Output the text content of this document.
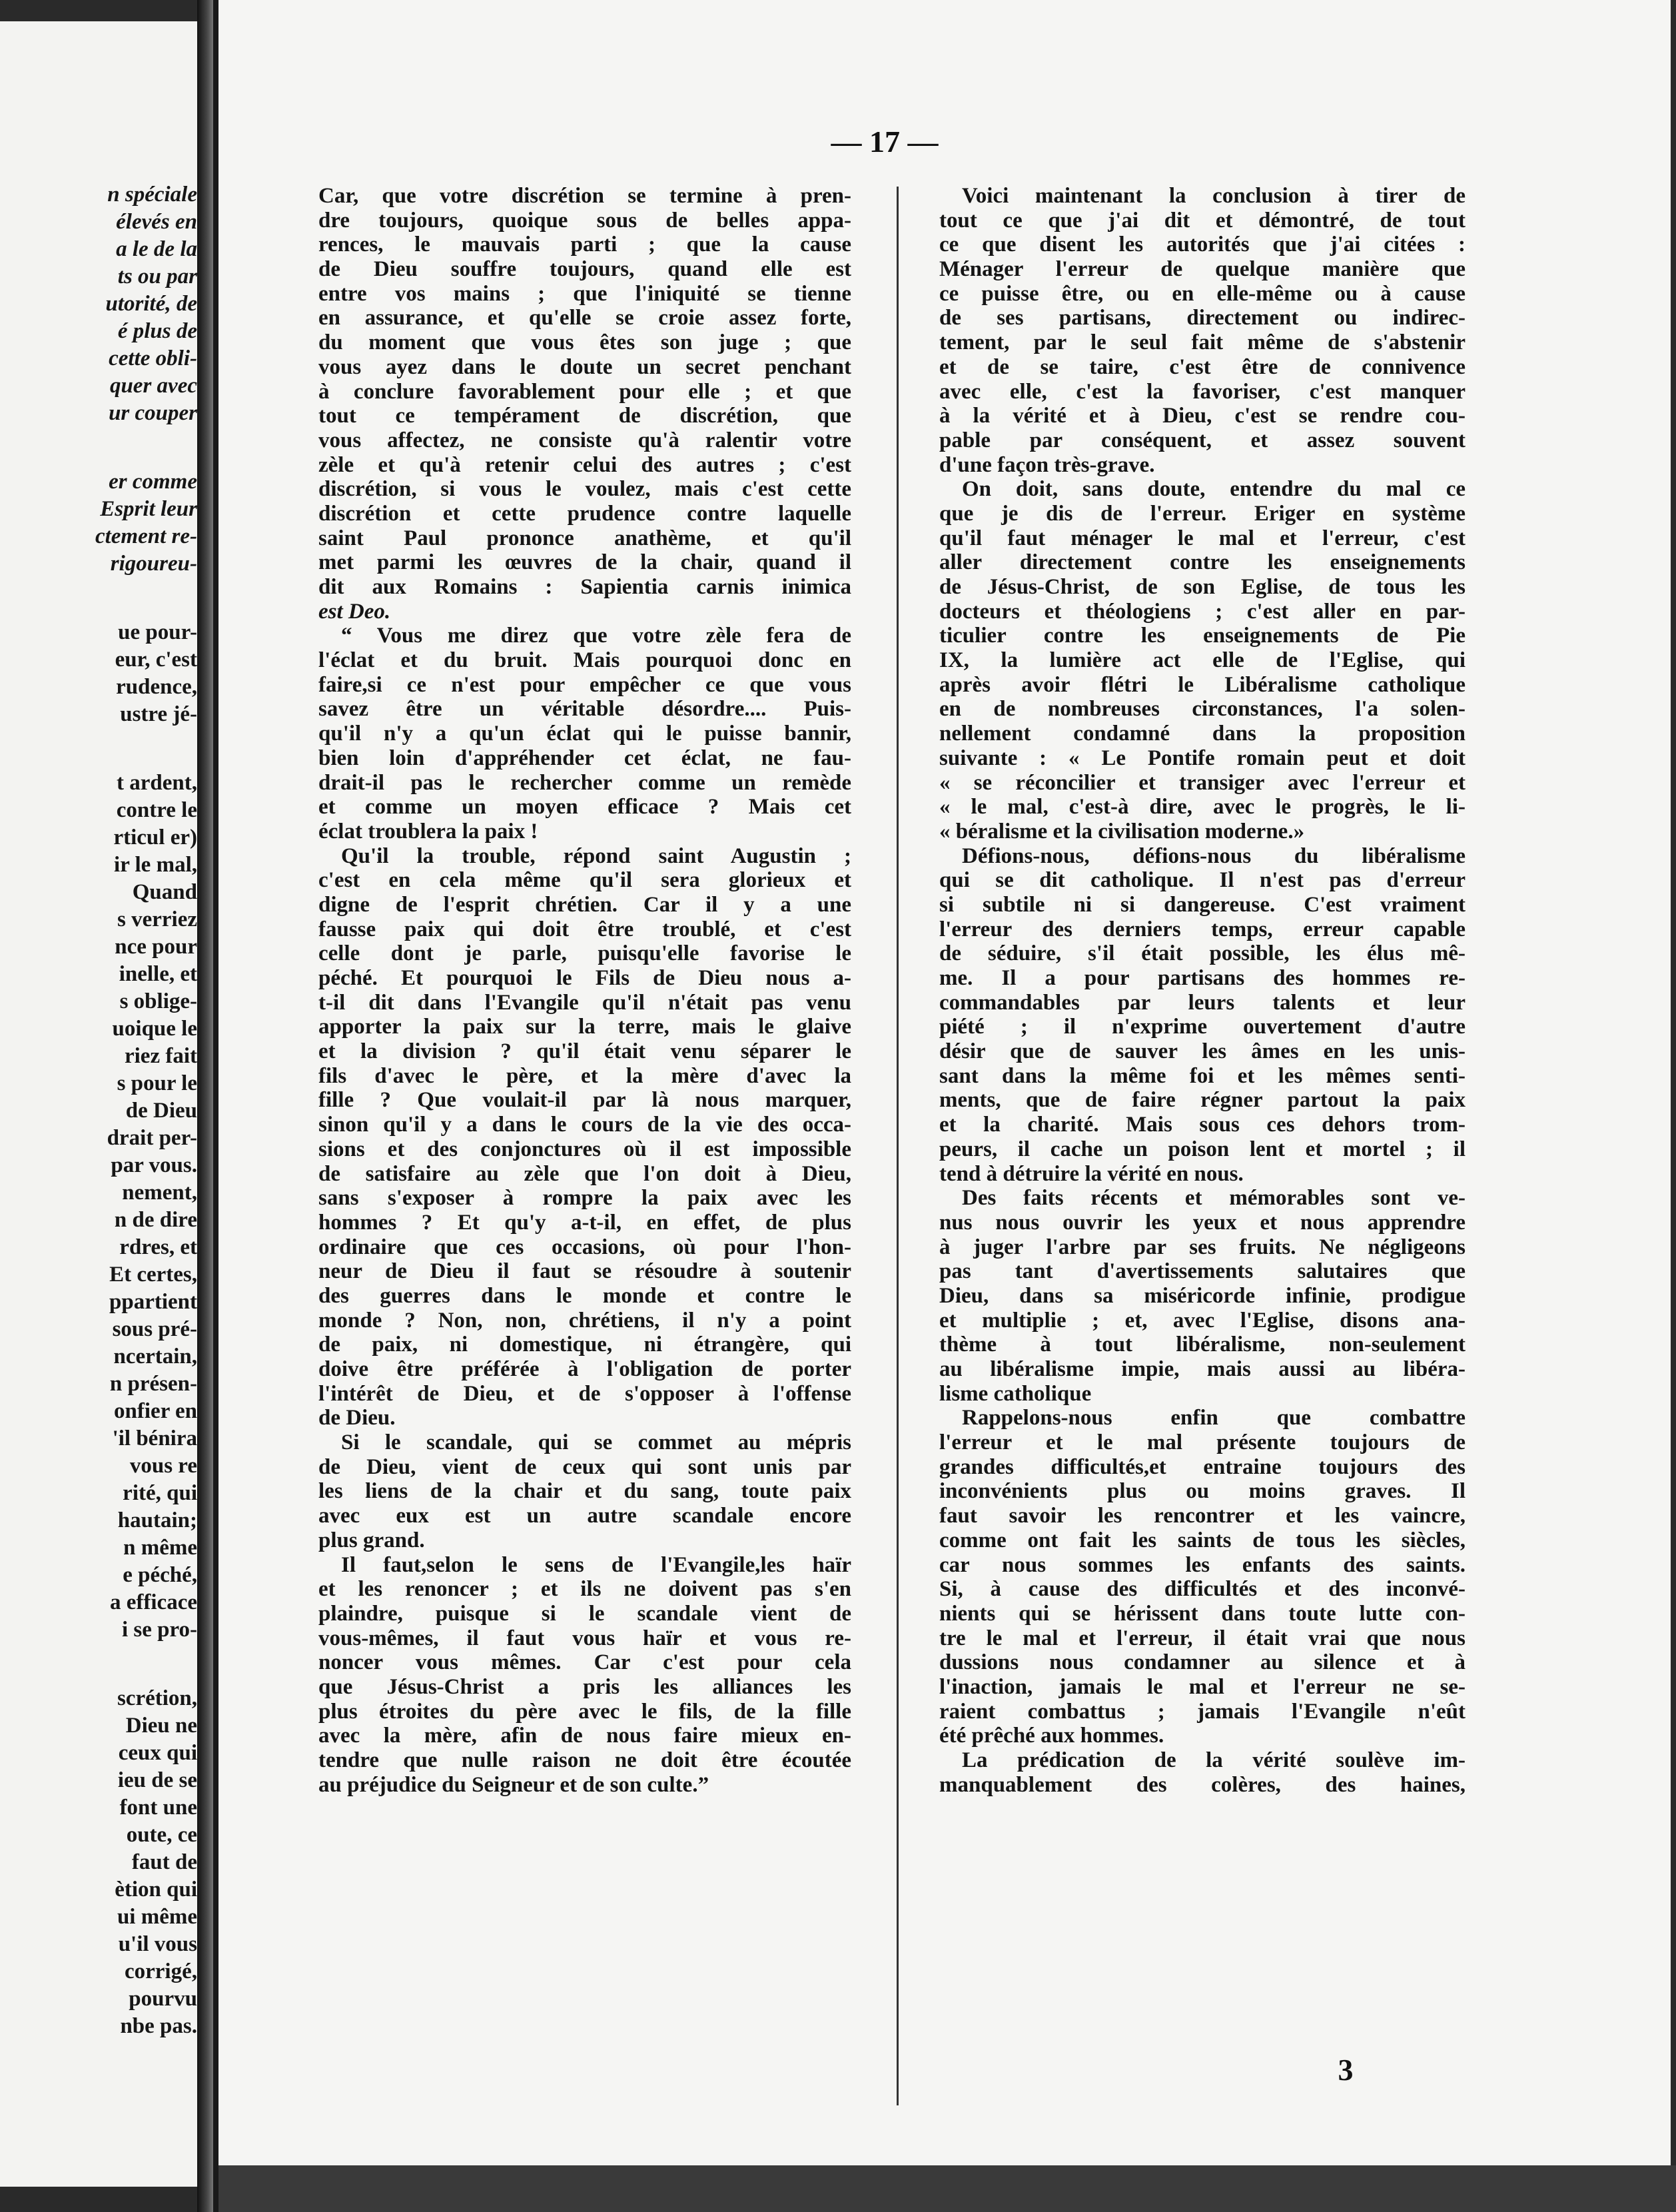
n spéciale
élevés en
a le de la
ts ou par
utorité, de
é plus de
cette obli-
quer avec
ur couper
er comme
Esprit leur
ctement re-
rigoureu-
ue pour-
eur, c'est
rudence,
ustre jé-
t ardent,
contre le
rticul er)
ir le mal,
Quand
s verriez
nce pour
inelle, et
s oblige-
uoique le
riez fait
s pour le
de Dieu
drait per-
par vous.
nement,
n de dire
rdres, et
Et certes,
ppartient
sous pré-
ncertain,
n présen-
onfier en
'il bénira
vous re
rité, qui
hautain;
n même
e péché,
a efficace
i se pro-
scrétion,
Dieu ne
ceux qui
ieu de se
font une
oute, ce
faut de
ètion qui
ui même
u'il vous
corrigé,
pourvu
nbe pas.
— 17 —
Car, que votre discrétion se termine à pren-
dre toujours, quoique sous de belles appa-
rences, le mauvais parti ; que la cause
de Dieu souffre toujours, quand elle est
entre vos mains ; que l'iniquité se tienne
en assurance, et qu'elle se croie assez forte,
du moment que vous êtes son juge ; que
vous ayez dans le doute un secret penchant
à conclure favorablement pour elle ; et que
tout ce tempérament de discrétion, que
vous affectez, ne consiste qu'à ralentir votre
zèle et qu'à retenir celui des autres ; c'est
discrétion, si vous le voulez, mais c'est cette
discrétion et cette prudence contre laquelle
saint Paul prononce anathème, et qu'il
met parmi les œuvres de la chair, quand il
dit aux Romains : Sapientia carnis inimica
est Deo.
“ Vous me direz que votre zèle fera de
l'éclat et du bruit. Mais pourquoi donc en
faire,si ce n'est pour empêcher ce que vous
savez être un véritable désordre.... Puis-
qu'il n'y a qu'un éclat qui le puisse bannir,
bien loin d'appréhender cet éclat, ne fau-
drait-il pas le rechercher comme un remède
et comme un moyen efficace ? Mais cet
éclat troublera la paix !
Qu'il la trouble, répond saint Augustin ;
c'est en cela même qu'il sera glorieux et
digne de l'esprit chrétien. Car il y a une
fausse paix qui doit être troublé, et c'est
celle dont je parle, puisqu'elle favorise le
péché. Et pourquoi le Fils de Dieu nous a-
t-il dit dans l'Evangile qu'il n'était pas venu
apporter la paix sur la terre, mais le glaive
et la division ? qu'il était venu séparer le
fils d'avec le père, et la mère d'avec la
fille ? Que voulait-il par là nous marquer,
sinon qu'il y a dans le cours de la vie des occa-
sions et des conjonctures où il est impossible
de satisfaire au zèle que l'on doit à Dieu,
sans s'exposer à rompre la paix avec les
hommes ? Et qu'y a-t-il, en effet, de plus
ordinaire que ces occasions, où pour l'hon-
neur de Dieu il faut se résoudre à soutenir
des guerres dans le monde et contre le
monde ? Non, non, chrétiens, il n'y a point
de paix, ni domestique, ni étrangère, qui
doive être préférée à l'obligation de porter
l'intérêt de Dieu, et de s'opposer à l'offense
de Dieu.
Si le scandale, qui se commet au mépris
de Dieu, vient de ceux qui sont unis par
les liens de la chair et du sang, toute paix
avec eux est un autre scandale encore
plus grand.
Il faut,selon le sens de l'Evangile,les haïr
et les renoncer ; et ils ne doivent pas s'en
plaindre, puisque si le scandale vient de
vous-mêmes, il faut vous haïr et vous re-
noncer vous mêmes. Car c'est pour cela
que Jésus-Christ a pris les alliances les
plus étroites du père avec le fils, de la fille
avec la mère, afin de nous faire mieux en-
tendre que nulle raison ne doit être écoutée
au préjudice du Seigneur et de son culte.”
Voici maintenant la conclusion à tirer de
tout ce que j'ai dit et démontré, de tout
ce que disent les autorités que j'ai citées :
Ménager l'erreur de quelque manière que
ce puisse être, ou en elle-même ou à cause
de ses partisans, directement ou indirec-
tement, par le seul fait même de s'abstenir
et de se taire, c'est être de connivence
avec elle, c'est la favoriser, c'est manquer
à la vérité et à Dieu, c'est se rendre cou-
pable par conséquent, et assez souvent
d'une façon très-grave.
On doit, sans doute, entendre du mal ce
que je dis de l'erreur. Eriger en système
qu'il faut ménager le mal et l'erreur, c'est
aller directement contre les enseignements
de Jésus-Christ, de son Eglise, de tous les
docteurs et théologiens ; c'est aller en par-
ticulier contre les enseignements de Pie
IX, la lumière act elle de l'Eglise, qui
après avoir flétri le Libéralisme catholique
en de nombreuses circonstances, l'a solen-
nellement condamné dans la proposition
suivante : « Le Pontife romain peut et doit
« se réconcilier et transiger avec l'erreur et
« le mal, c'est-à dire, avec le progrès, le li-
« béralisme et la civilisation moderne.»
Défions-nous, défions-nous du libéralisme
qui se dit catholique. Il n'est pas d'erreur
si subtile ni si dangereuse. C'est vraiment
l'erreur des derniers temps, erreur capable
de séduire, s'il était possible, les élus mê-
me. Il a pour partisans des hommes re-
commandables par leurs talents et leur
piété ; il n'exprime ouvertement d'autre
désir que de sauver les âmes en les unis-
sant dans la même foi et les mêmes senti-
ments, que de faire régner partout la paix
et la charité. Mais sous ces dehors trom-
peurs, il cache un poison lent et mortel ; il
tend à détruire la vérité en nous.
Des faits récents et mémorables sont ve-
nus nous ouvrir les yeux et nous apprendre
à juger l'arbre par ses fruits. Ne négligeons
pas tant d'avertissements salutaires que
Dieu, dans sa miséricorde infinie, prodigue
et multiplie ; et, avec l'Eglise, disons ana-
thème à tout libéralisme, non-seulement
au libéralisme impie, mais aussi au libéra-
lisme catholique
Rappelons-nous enfin que combattre
l'erreur et le mal présente toujours de
grandes difficultés,et entraine toujours des
inconvénients plus ou moins graves. Il
faut savoir les rencontrer et les vaincre,
comme ont fait les saints de tous les siècles,
car nous sommes les enfants des saints.
Si, à cause des difficultés et des inconvé-
nients qui se hérissent dans toute lutte con-
tre le mal et l'erreur, il était vrai que nous
dussions nous condamner au silence et à
l'inaction, jamais le mal et l'erreur ne se-
raient combattus ; jamais l'Evangile n'eût
été prêché aux hommes.
La prédication de la vérité soulève im-
manquablement des colères, des haines,
3
